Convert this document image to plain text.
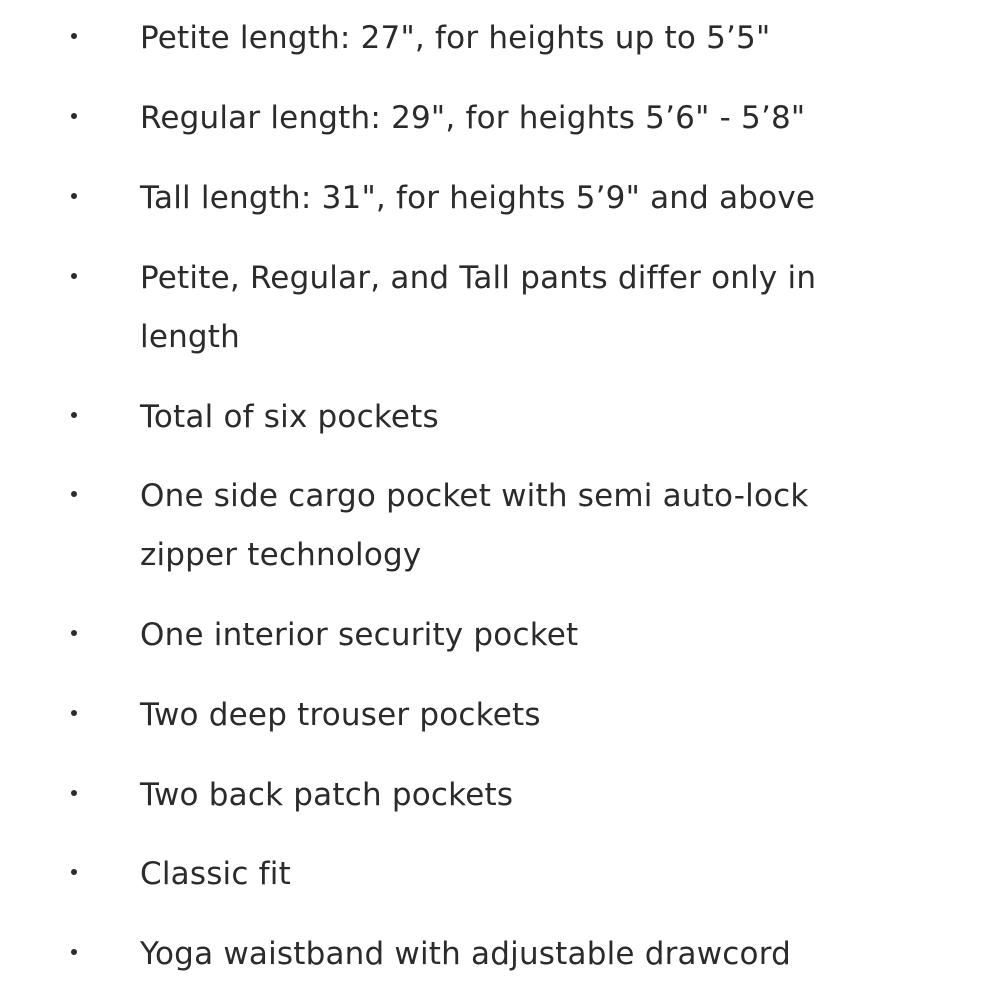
Petite length: 27", for heights up to 5’5"
Regular length: 29", for heights 5’6" - 5’8"
Tall length: 31", for heights 5’9" and above
Petite, Regular, and Tall pants differ only in length
Total of six pockets
One side cargo pocket with semi auto-lock zipper technology
One interior security pocket
Two deep trouser pockets
Two back patch pockets
Classic fit
Yoga waistband with adjustable drawcord
